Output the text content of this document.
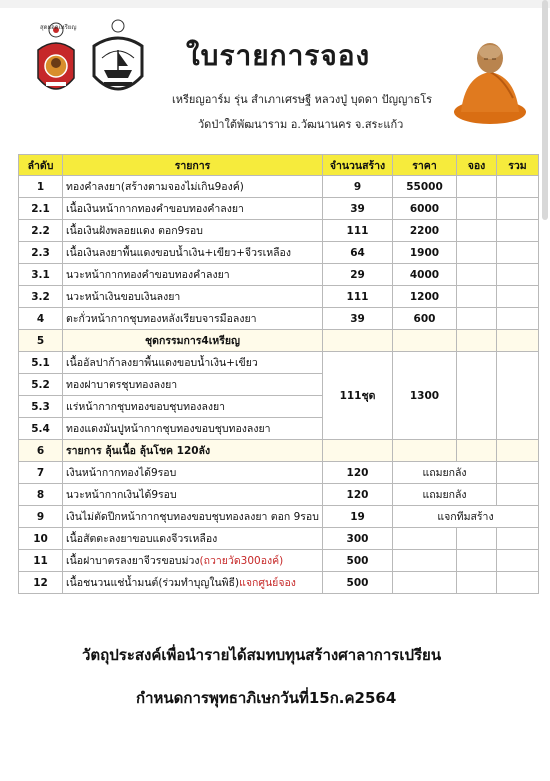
สุดยอดเหรียญ
ใบรายการจอง
เหรียญอาร์ม รุ่น สำเภาเศรษฐี หลวงปู่ บุดดา ปัญญาธโร
วัดป่าใต้พัฒนาราม อ.วัฒนานคร จ.สระแก้ว
ลำดับ	รายการ	จำนวนสร้าง	ราคา	จอง	รวม
1	ทองคำลงยา(สร้างตามจองไม่เกิน9องค์)	9	55000		
2.1	เนื้อเงินหน้ากากทองคำขอบทองคำลงยา	39	6000		
2.2	เนื้อเงินฝังพลอยแดง ตอก9รอบ	111	2200		
2.3	เนื้อเงินลงยาพื้นแดงขอบน้ำเงิน+เขียว+จีวรเหลือง	64	1900		
3.1	นวะหน้ากากทองคำขอบทองคำลงยา	29	4000		
3.2	นวะหน้าเงินขอบเงินลงยา	111	1200		
4	ตะกั่วหน้ากากชุบทองหลังเรียบจารมือลงยา	39	600		
5	ชุดกรรมการ4เหรียญ				
5.1	เนื้ออัลปาก้าลงยาพื้นแดงขอบน้ำเงิน+เขียว	111ชุด	1300		
5.2	ทองฝาบาตรชุบทองลงยา				
5.3	แร่หน้ากากชุบทองขอบชุบทองลงยา				
5.4	ทองแดงมันปูหน้ากากชุบทองขอบชุบทองลงยา				
6	รายการ ลุ้นเนื้อ ลุ้นโชค 120ลัง				
7	เงินหน้ากากทองได้9รอบ	120	แถมยกลัง		
8	นวะหน้ากากเงินได้9รอบ	120	แถมยกลัง		
9	เงินไม่ตัดปีกหน้ากากชุบทองขอบชุบทองลงยา ตอก 9รอบ	19	แจกทีมสร้าง		
10	เนื้อสัตตะลงยาขอบแดงจีวรเหลือง	300			
11	เนื้อฝาบาตรลงยาจีวรขอบม่วง(ถวายวัด300องค์)	500			
12	เนื้อชนวนแช่น้ำมนต์(ร่วมทำบุญในพิธี)แจกศูนย์จอง	500			
วัตถุประสงค์เพื่อนำรายได้สมทบทุนสร้างศาลาการเปรียน
กำหนดการพุทธาภิเษกวันที่15ก.ค2564
